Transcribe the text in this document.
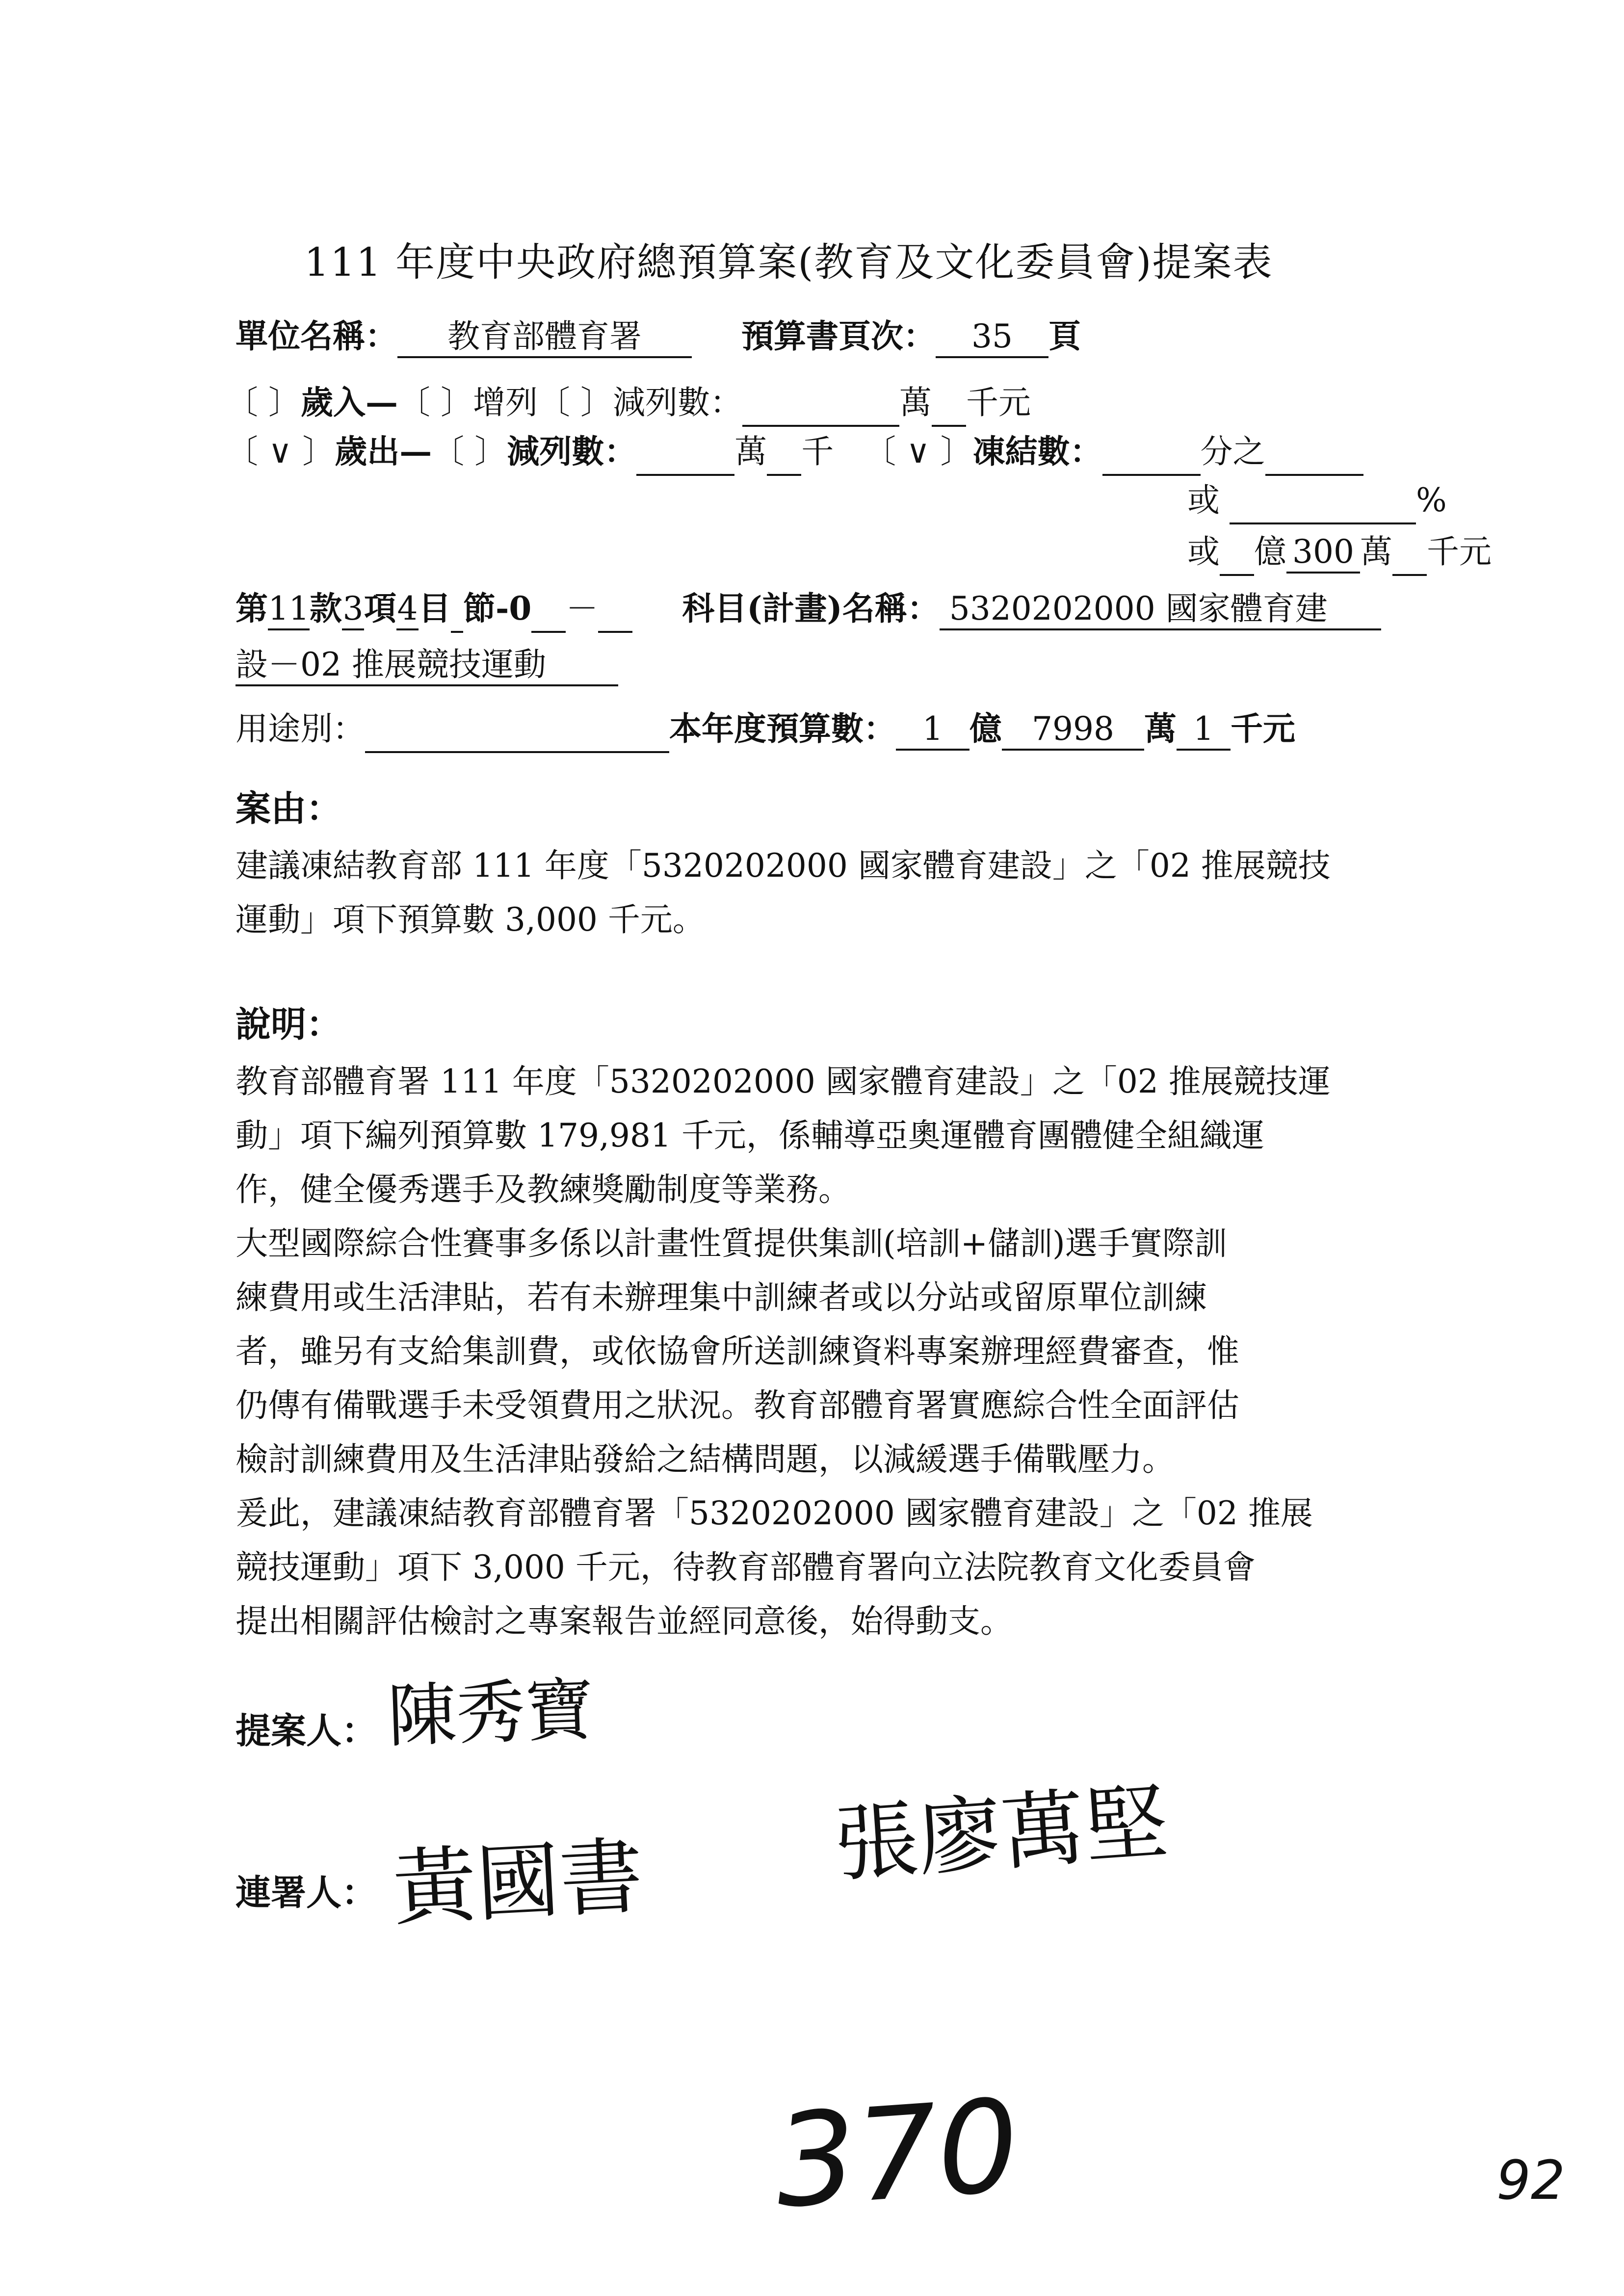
111 年度中央政府總預算案(教育及文化委員會)提案表
單位名稱： 教育部體育署	預算書頁次： 35 頁
〔 〕歲入—〔 〕增列〔 〕減列數：	萬 千元
〔 ∨ 〕歲出—〔 〕減列數：	萬 千 〔 ∨ 〕凍結數：	分之
或	%
或 億 300 萬 千元
第11款3項4目 節-0 －	科目(計畫)名稱： 5320202000 國家體育建
設－02 推展競技運動
用途別：	本年度預算數： 1 億 7998 萬 1 千元
案由：
建議凍結教育部 111 年度「5320202000 國家體育建設」之「02 推展競技
運動」項下預算數 3,000 千元。
說明：
教育部體育署 111 年度「5320202000 國家體育建設」之「02 推展競技運
動」項下編列預算數 179,981 千元，係輔導亞奧運體育團體健全組織運
作，健全優秀選手及教練獎勵制度等業務。
大型國際綜合性賽事多係以計畫性質提供集訓(培訓+儲訓)選手實際訓
練費用或生活津貼，若有未辦理集中訓練者或以分站或留原單位訓練
者，雖另有支給集訓費，或依協會所送訓練資料專案辦理經費審查，惟
仍傳有備戰選手未受領費用之狀況。教育部體育署實應綜合性全面評估
檢討訓練費用及生活津貼發給之結構問題，以減緩選手備戰壓力。
爰此，建議凍結教育部體育署「5320202000 國家體育建設」之「02 推展
競技運動」項下 3,000 千元，待教育部體育署向立法院教育文化委員會
提出相關評估檢討之專案報告並經同意後，始得動支。
提案人： 陳秀寶
連署人： 黃國書 張廖萬堅
370	92
